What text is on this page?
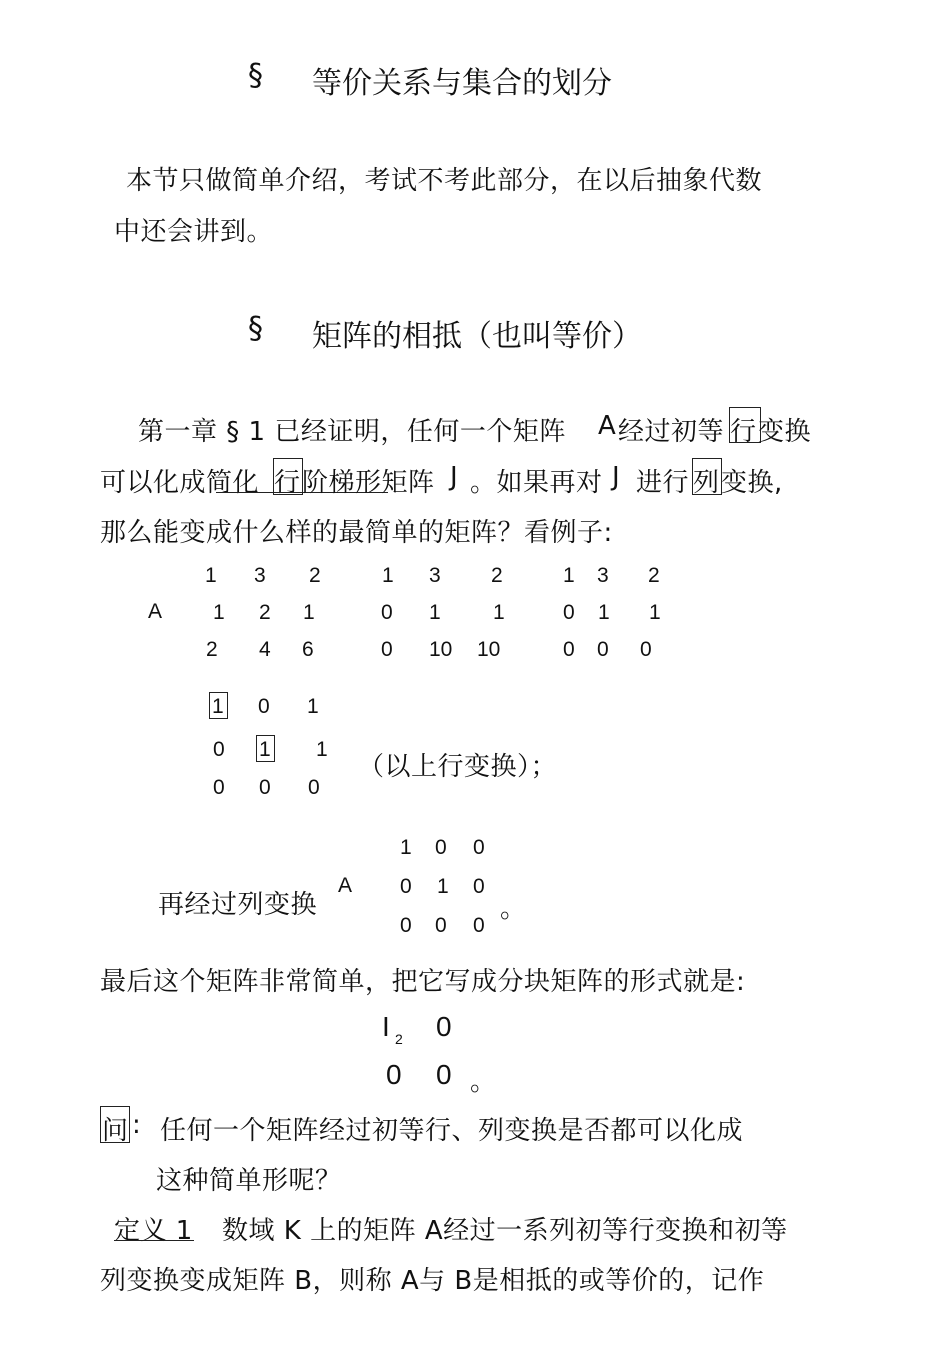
§ 等价关系与集合的划分
本节只做简单介绍，考试不考此部分，在以后抽象代数
中还会讲到。
§ 矩阵的相抵（也叫等价）
第一章 § 1 已经证明，任何一个矩阵 A 经过初等 行 变换
可以化成简化 行 阶梯形矩阵 J 。如果再对 J 进行 列 变换,
那么能变成什么样的最简单的矩阵？看例子:
A
1 3 2
1 2 1
2 4 6
1 3 2
0 1 1
0 10 10
1 3 2
0 1 1
0 0 0
1 0 1
0 1 1
0 0 0
（以上行变换）；
再经过列变换
A
1 0 0
0 1 0
0 0 0
。
最后这个矩阵非常简单，把它写成分块矩阵的形式就是:
I 2 0
0 0 。
问 : 任何一个矩阵经过初等行、列变换是否都可以化成
这种简单形呢？
定义 1 数域 K 上的矩阵 A经过一系列初等行变换和初等
列变换变成矩阵 B，则称 A与 B是相抵的或等价的，记作
